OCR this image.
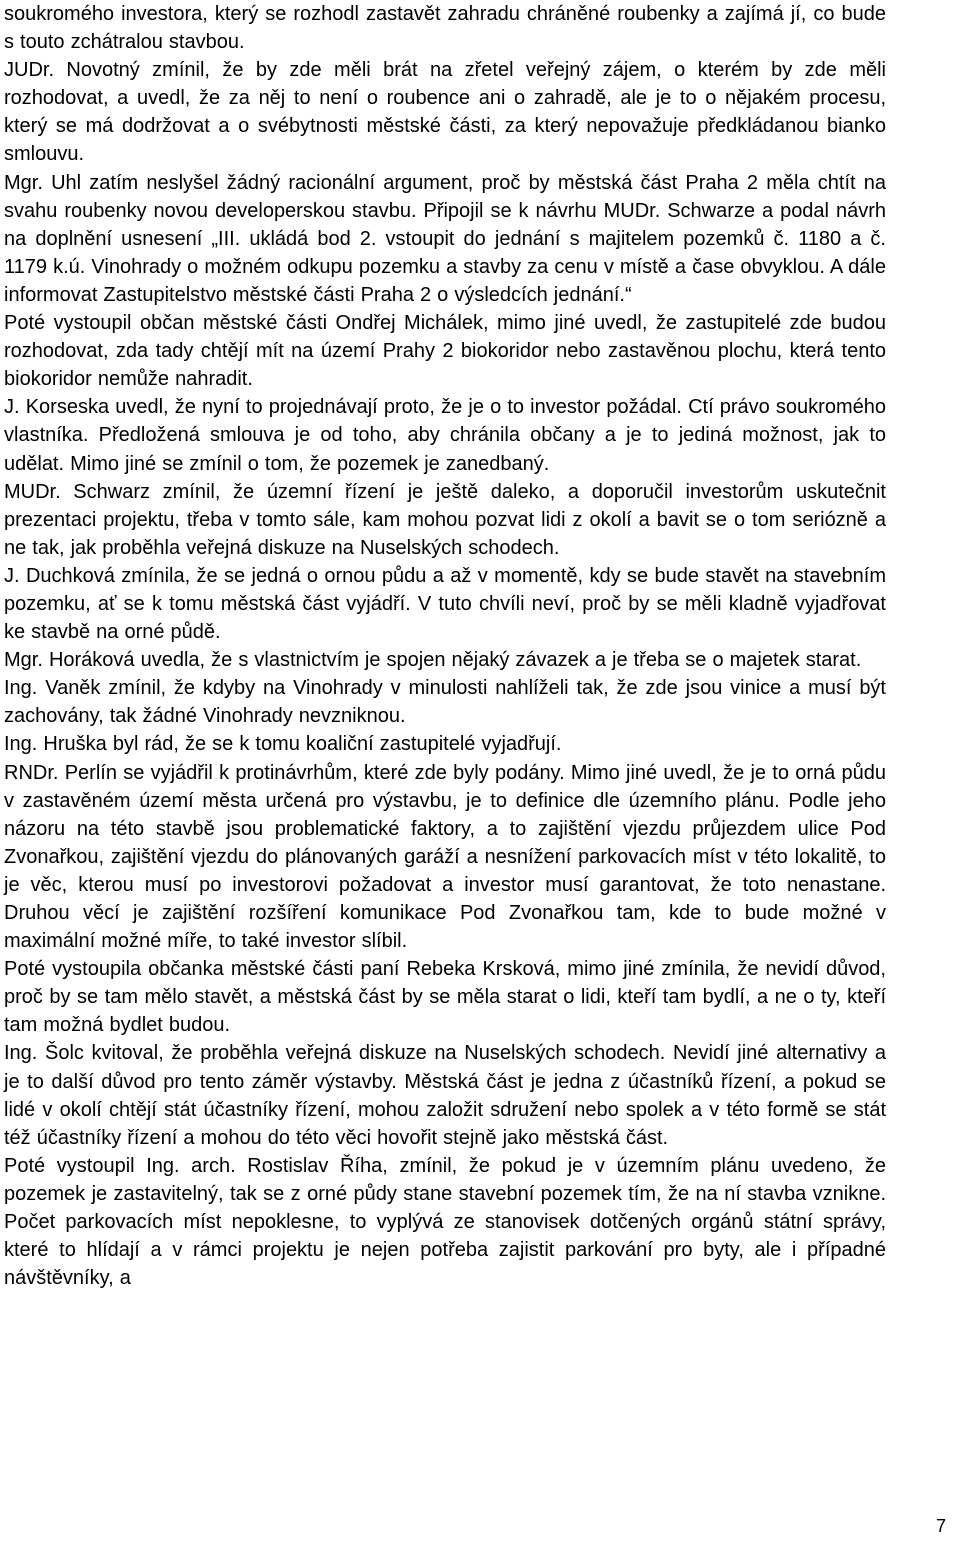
soukromého investora, který se rozhodl zastavět zahradu chráněné roubenky a zajímá jí, co bude s touto zchátralou stavbou.

JUDr. Novotný zmínil, že by zde měli brát na zřetel veřejný zájem, o kterém by zde měli rozhodovat, a uvedl, že za něj to není o roubence ani o zahradě, ale je to o nějakém procesu, který se má dodržovat a o svébytnosti městské části, za který nepovažuje předkládanou bianko smlouvu.

Mgr. Uhl zatím neslyšel žádný racionální argument, proč by městská část Praha 2 měla chtít na svahu roubenky novou developerskou stavbu. Připojil se k návrhu MUDr. Schwarze a podal návrh na doplnění usnesení „III. ukládá bod 2. vstoupit do jednání s majitelem pozemků č. 1180 a č. 1179 k.ú. Vinohrady o možném odkupu pozemku a stavby za cenu v místě a čase obvyklou. A dále informovat Zastupitelstvo městské části Praha 2 o výsledcích jednání.“

Poté vystoupil občan městské části Ondřej Michálek, mimo jiné uvedl, že zastupitelé zde budou rozhodovat, zda tady chtějí mít na území Prahy 2 biokoridor nebo zastavěnou plochu, která tento biokoridor nemůže nahradit.

J. Korseska uvedl, že nyní to projednávají proto, že je o to investor požádal. Ctí právo soukromého vlastníka. Předložená smlouva je od toho, aby chránila občany a je to jediná možnost, jak to udělat. Mimo jiné se zmínil o tom, že pozemek je zanedbaný.

MUDr. Schwarz zmínil, že územní řízení je ještě daleko, a doporučil investorům uskutečnit prezentaci projektu, třeba v tomto sále, kam mohou pozvat lidi z okolí a bavit se o tom seriózně a ne tak, jak proběhla veřejná diskuze na Nuselských schodech.

J. Duchková zmínila, že se jedná o ornou půdu a až v momentě, kdy se bude stavět na stavebním pozemku, ať se k tomu městská část vyjádří. V tuto chvíli neví, proč by se měli kladně vyjadřovat ke stavbě na orné půdě.

Mgr. Horáková uvedla, že s vlastnictvím je spojen nějaký závazek a je třeba se o majetek starat.

Ing. Vaněk zmínil, že kdyby na Vinohrady v minulosti nahlíželi tak, že zde jsou vinice a musí být zachovány, tak žádné Vinohrady nevzniknou.

Ing. Hruška byl rád, že se k tomu koaliční zastupitelé vyjadřují.

RNDr. Perlín se vyjádřil k protinávrhům, které zde byly podány. Mimo jiné uvedl, že je to orná půdu v zastavěném území města určená pro výstavbu, je to definice dle územního plánu. Podle jeho názoru na této stavbě jsou problematické faktory, a to zajištění vjezdu průjezdem ulice Pod Zvonařkou, zajištění vjezdu do plánovaných garáží a nesnížení parkovacích míst v této lokalitě, to je věc, kterou musí po investorovi požadovat a investor musí garantovat, že toto nenastane. Druhou věcí je zajištění rozšíření komunikace Pod Zvonařkou tam, kde to bude možné v maximální možné míře, to také investor slíbil.

Poté vystoupila občanka městské části paní Rebeka Krsková, mimo jiné zmínila, že nevidí důvod, proč by se tam mělo stavět, a městská část by se měla starat o lidi, kteří tam bydlí, a ne o ty, kteří tam možná bydlet budou.

Ing. Šolc kvitoval, že proběhla veřejná diskuze na Nuselských schodech. Nevidí jiné alternativy a je to další důvod pro tento záměr výstavby. Městská část je jedna z účastníků řízení, a pokud se lidé v okolí chtějí stát účastníky řízení, mohou založit sdružení nebo spolek a v této formě se stát též účastníky řízení a mohou do této věci hovořit stejně jako městská část.

Poté vystoupil Ing. arch. Rostislav Říha, zmínil, že pokud je v územním plánu uvedeno, že pozemek je zastavitelný, tak se z orné půdy stane stavební pozemek tím, že na ní stavba vznikne. Počet parkovacích míst nepoklesne, to vyplývá ze stanovisek dotčených orgánů státní správy, které to hlídají a v rámci projektu je nejen potřeba zajistit parkování pro byty, ale i případné návštěvníky, a

7
